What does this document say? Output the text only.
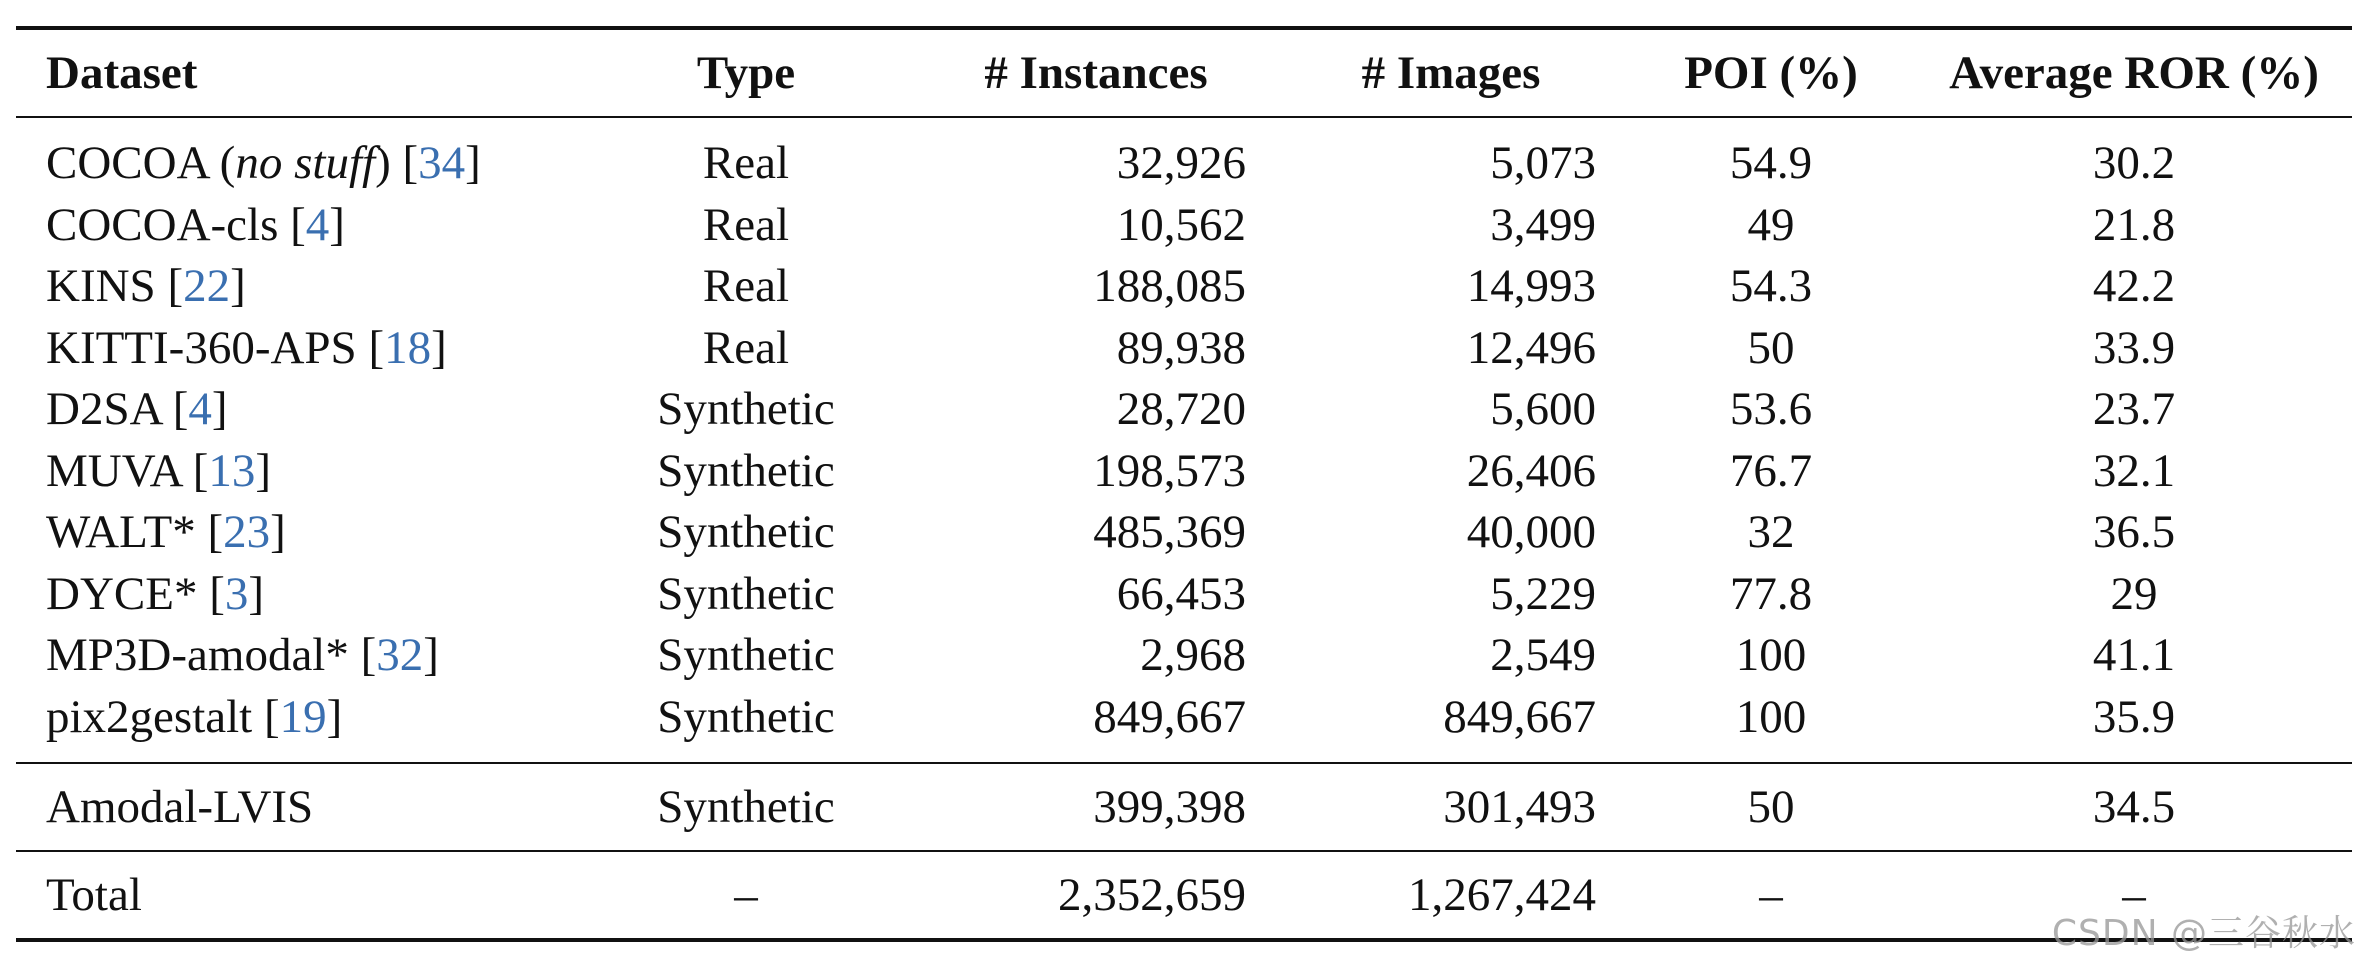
Dataset	Type	# Instances	# Images	POI (%)	Average ROR (%)
COCOA (no stuff) [34]	Real	32,926	5,073	54.9	30.2
COCOA-cls [4]	Real	10,562	3,499	49	21.8
KINS [22]	Real	188,085	14,993	54.3	42.2
KITTI-360-APS [18]	Real	89,938	12,496	50	33.9
D2SA [4]	Synthetic	28,720	5,600	53.6	23.7
MUVA [13]	Synthetic	198,573	26,406	76.7	32.1
WALT* [23]	Synthetic	485,369	40,000	32	36.5
DYCE* [3]	Synthetic	66,453	5,229	77.8	29
MP3D-amodal* [32]	Synthetic	2,968	2,549	100	41.1
pix2gestalt [19]	Synthetic	849,667	849,667	100	35.9
Amodal-LVIS	Synthetic	399,398	301,493	50	34.5
Total	–	2,352,659	1,267,424	–	–
CSDN @三谷秋水
